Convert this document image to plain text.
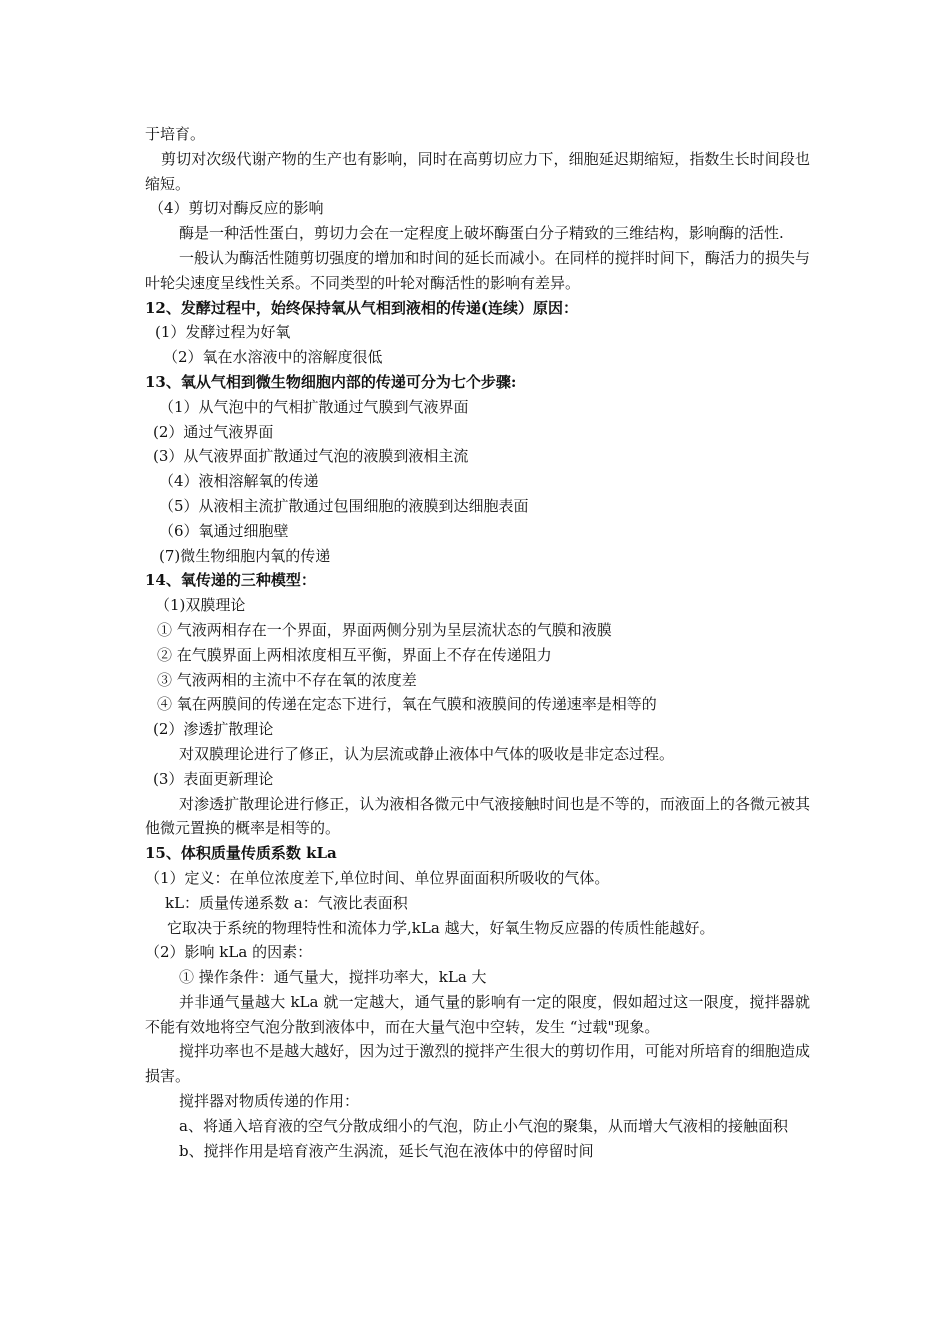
于培育。
剪切对次级代谢产物的生产也有影响，同时在高剪切应力下，细胞延迟期缩短，指数生长时间段也缩短。
（4）剪切对酶反应的影响
酶是一种活性蛋白，剪切力会在一定程度上破坏酶蛋白分子精致的三维结构，影响酶的活性.
一般认为酶活性随剪切强度的增加和时间的延长而减小。在同样的搅拌时间下，酶活力的损失与叶轮尖速度呈线性关系。不同类型的叶轮对酶活性的影响有差异。
12、发酵过程中，始终保持氧从气相到液相的传递(连续）原因：
(1）发酵过程为好氧
（2）氧在水溶液中的溶解度很低
13、氧从气相到微生物细胞内部的传递可分为七个步骤:
（1）从气泡中的气相扩散通过气膜到气液界面
(2）通过气液界面
(3）从气液界面扩散通过气泡的液膜到液相主流
（4）液相溶解氧的传递
（5）从液相主流扩散通过包围细胞的液膜到达细胞表面
（6）氧通过细胞壁
(7)微生物细胞内氧的传递
14、氧传递的三种模型：
（1)双膜理论
① 气液两相存在一个界面，界面两侧分别为呈层流状态的气膜和液膜
② 在气膜界面上两相浓度相互平衡，界面上不存在传递阻力
③ 气液两相的主流中不存在氧的浓度差
④ 氧在两膜间的传递在定态下进行，氧在气膜和液膜间的传递速率是相等的
(2）渗透扩散理论
对双膜理论进行了修正，认为层流或静止液体中气体的吸收是非定态过程。
(3）表面更新理论
对渗透扩散理论进行修正，认为液相各微元中气液接触时间也是不等的，而液面上的各微元被其他微元置换的概率是相等的。
15、体积质量传质系数 kLa
（1）定义：在单位浓度差下,单位时间、单位界面面积所吸收的气体。
kL：质量传递系数 a：气液比表面积
它取决于系统的物理特性和流体力学,kLa 越大，好氧生物反应器的传质性能越好。
（2）影响 kLa 的因素：
① 操作条件：通气量大，搅拌功率大，kLa 大
并非通气量越大 kLa 就一定越大，通气量的影响有一定的限度，假如超过这一限度，搅拌器就不能有效地将空气泡分散到液体中，而在大量气泡中空转，发生 “过载"现象。
搅拌功率也不是越大越好，因为过于激烈的搅拌产生很大的剪切作用，可能对所培育的细胞造成损害。
搅拌器对物质传递的作用：
a、将通入培育液的空气分散成细小的气泡，防止小气泡的聚集，从而增大气液相的接触面积
b、搅拌作用是培育液产生涡流，延长气泡在液体中的停留时间
